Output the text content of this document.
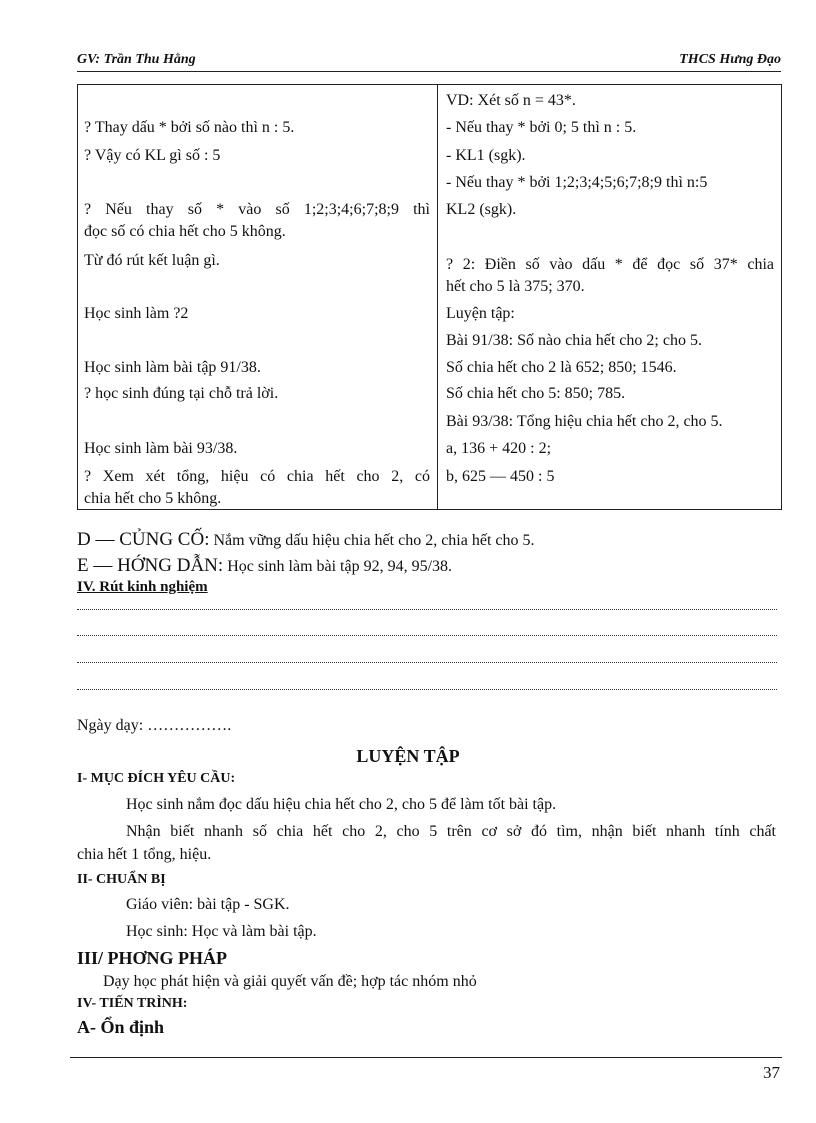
GV: Trần Thu Hằng	THCS Hưng Đạo
? Thay dấu * bởi số nào thì n : 5.
? Vậy có KL gì số : 5
? Nếu thay số * vào số 1;2;3;4;6;7;8;9 thì
đọc số có chia hết cho 5 không.
Từ đó rút kết luận gì.
Học sinh làm ?2
Học sinh làm bài tập 91/38.
? học sinh đúng tại chỗ trả lời.
Học sinh làm bài 93/38.
? Xem xét tổng, hiệu có chia hết cho 2, có
chia hết cho 5 không.
VD: Xét số n = 43*.
- Nếu thay * bởi 0; 5 thì n : 5.
- KL1 (sgk).
- Nếu thay * bởi 1;2;3;4;5;6;7;8;9 thì n:5
KL2 (sgk).
? 2: Điền số vào dấu * để đọc số 37* chia
hết cho 5 là 375; 370.
Luyện tập:
Bài 91/38: Số nào chia hết cho 2; cho 5.
Số chia hết cho 2 là 652; 850; 1546.
Số chia hết cho 5: 850; 785.
Bài 93/38: Tổng hiệu chia hết cho 2, cho 5.
a, 136 + 420 : 2;
b, 625 — 450 : 5
D — CỦNG CỐ: Nắm vững dấu hiệu chia hết cho 2, chia hết cho 5.
E — HỚNG DẪN: Học sinh làm bài tập 92, 94, 95/38.
IV. Rút kinh nghiệm
Ngày dạy: …………….
LUYỆN TẬP
I- MỤC ĐÍCH YÊU CẦU:
Học sinh nắm đọc dấu hiệu chia hết cho 2, cho 5 để làm tốt bài tập.
Nhận biết nhanh số chia hết cho 2, cho 5 trên cơ sở đó tìm, nhận biết nhanh tính chất
chia hết 1 tổng, hiệu.
II- CHUẨN BỊ
Giáo viên: bài tập - SGK.
Học sinh: Học và làm bài tập.
III/ PHƠNG PHÁP
Dạy học phát hiện và giải quyết vấn đề; hợp tác nhóm nhỏ
IV- TIẾN TRÌNH:
A- Ổn định
37
